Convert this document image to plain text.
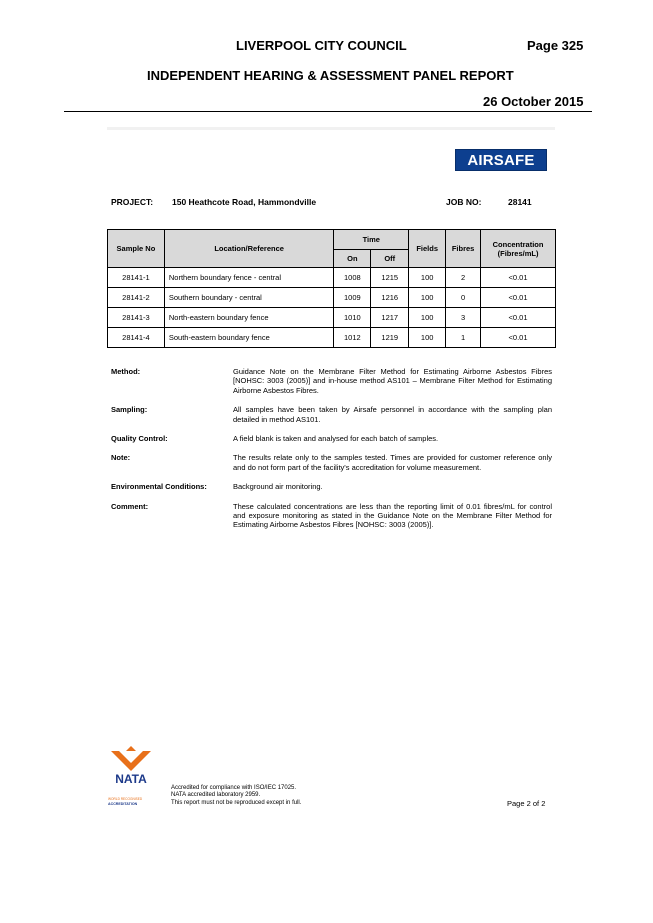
LIVERPOOL CITY COUNCIL	Page 325
INDEPENDENT HEARING & ASSESSMENT PANEL REPORT
26 October 2015
AIRSAFE
PROJECT: 150 Heathcote Road, Hammondville	JOB NO:	28141
Sample No	Location/Reference	Time		Fields	Fibres	Concentration (Fibres/mL)
		On	Off			
28141-1	Northern boundary fence - central	1008	1215	100	2	<0.01
28141-2	Southern boundary - central	1009	1216	100	0	<0.01
28141-3	North-eastern boundary fence	1010	1217	100	3	<0.01
28141-4	South-eastern boundary fence	1012	1219	100	1	<0.01
Method:	Guidance Note on the Membrane Filter Method for Estimating Airborne Asbestos Fibres [NOHSC: 3003 (2005)] and in-house method AS101 – Membrane Filter Method for Estimating Airborne Asbestos Fibres.
Sampling:	All samples have been taken by Airsafe personnel in accordance with the sampling plan detailed in method AS101.
Quality Control:	A field blank is taken and analysed for each batch of samples.
Note:	The results relate only to the samples tested. Times are provided for customer reference only and do not form part of the facility's accreditation for volume measurement.
Environmental Conditions:	Background air monitoring.
Comment:	These calculated concentrations are less than the reporting limit of 0.01 fibres/mL for control and exposure monitoring as stated in the Guidance Note on the Membrane Filter Method for Estimating Airborne Asbestos Fibres [NOHSC: 3003 (2005)].
NATA
WORLD RECOGNISED
ACCREDITATION
Accredited for compliance with ISO/IEC 17025.
NATA accredited laboratory 2959.
This report must not be reproduced except in full.	Page 2 of 2
